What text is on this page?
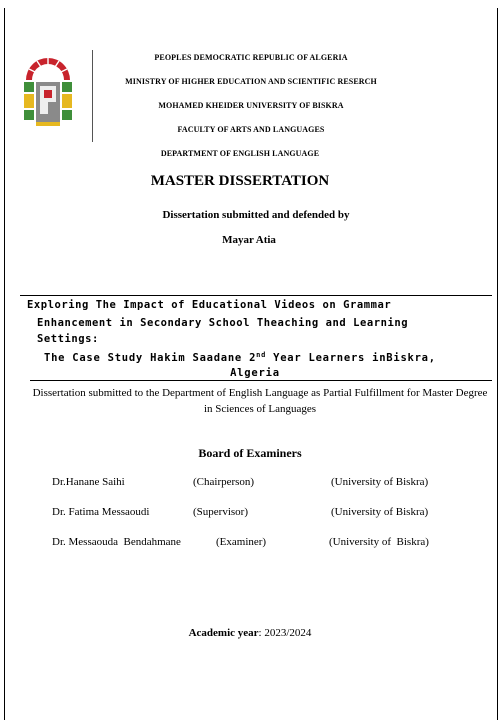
PEOPLES DEMOCRATIC REPUBLIC OF ALGERIA
MINISTRY OF HIGHER EDUCATION AND SCIENTIFIC RESERCH
MOHAMED KHEIDER UNIVERSITY OF BISKRA
FACULTY OF ARTS AND LANGUAGES
DEPARTMENT OF ENGLISH LANGUAGE
MASTER DISSERTATION
Dissertation submitted and defended by
Mayar Atia
Exploring The Impact of Educational Videos on Grammar
Enhancement in Secondary School Theaching and Learning
Settings:
The Case Study Hakim Saadane 2nd Year Learners inBiskra,
Algeria
Dissertation submitted to the Department of English Language as Partial Fulfillment for Master Degree in Sciences of Languages
Board of Examiners
Dr.Hanane Saihi	(Chairperson)	(University of Biskra)
Dr. Fatima Messaoudi	(Supervisor)	(University of Biskra)
Dr. Messaouda  Bendahmane	(Examiner)	(University of  Biskra)
Academic year: 2023/2024
